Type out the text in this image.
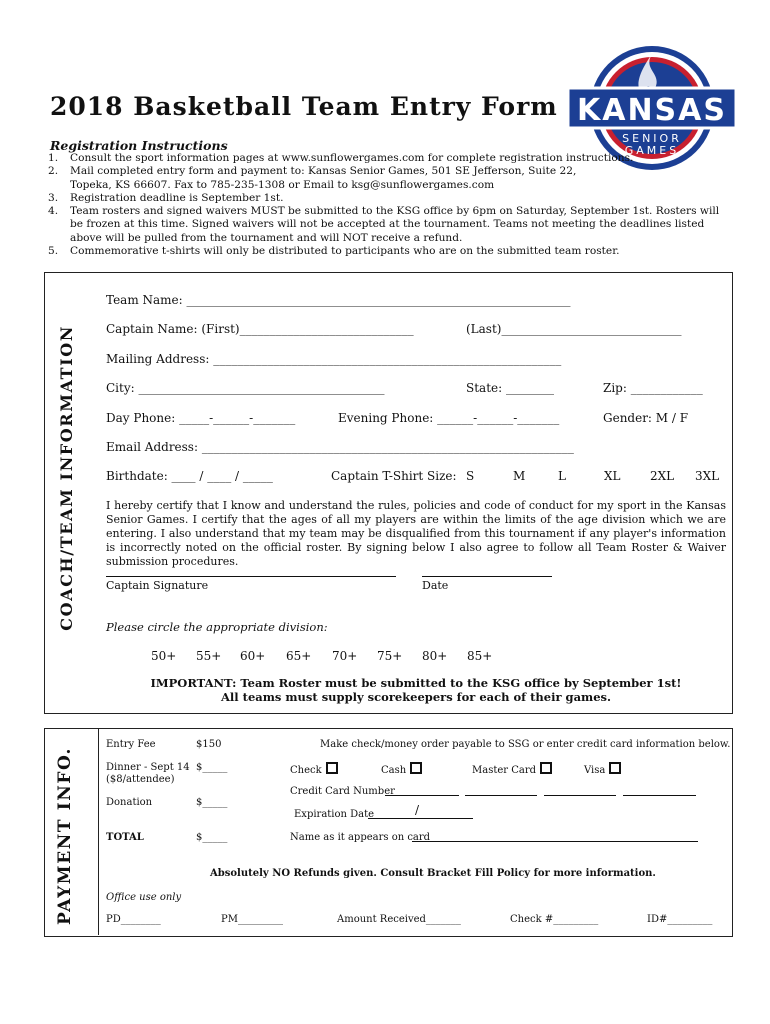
2018 Basketball Team Entry Form KANSAS
SENIOR
GAMES
Registration Instructions
1.	Consult the sport information pages at www.sunflowergames.com for complete registration instructions.
2.	Mail completed entry form and payment to: Kansas Senior Games, 501 SE Jefferson, Suite 22, Topeka, KS 66607. Fax to 785-235-1308 or Email to ksg@sunflowergames.com
3.	Registration deadline is September 1st.
4.	Team rosters and signed waivers MUST be submitted to the KSG office by 6pm on Saturday, September 1st. Rosters will be frozen at this time. Signed waivers will not be accepted at the tournament. Teams not meeting the deadlines listed above will be pulled from the tournament and will NOT receive a refund.
5.	Commemorative t-shirts will only be distributed to participants who are on the submitted team roster.
COACH/TEAM INFORMATION
Team Name: ________________________________________________________________
Captain Name: (First)_____________________________	(Last)______________________________
Mailing Address: __________________________________________________________
City: _________________________________________	State: ________	Zip: ____________
Day Phone: _____-______-_______	Evening Phone: ______-______-_______	Gender: M / F
Email Address: ______________________________________________________________
Birthdate: ____ / ____ / _____	Captain T-Shirt Size: S	M	L	XL 2XL 3XL
I hereby certify that I know and understand the rules, policies and code of conduct for my sport in the Kansas Senior Games. I certify that the ages of all my players are within the limits of the age division which we are entering. I also understand that my team may be disqualified from this tournament if any player's information is incorrectly noted on the official roster. By signing below I also agree to follow all Team Roster & Waiver submission procedures.
Captain Signature	Date
Please circle the appropriate division:
50+ 55+ 60+ 65+ 70+ 75+ 80+ 85+
IMPORTANT: Team Roster must be submitted to the KSG office by September 1st!
All teams must supply scorekeepers for each of their games.
PAYMENT INFO.
Entry Fee	$150	Make check/money order payable to SSG or enter credit card information below.
Dinner - Sept 14
($8/attendee)
$_____	Check	Cash	Master Card	Visa
Credit Card Number
Donation	$_____
Expiration Date	/
TOTAL	$_____	Name as it appears on card
Absolutely NO Refunds given. Consult Bracket Fill Policy for more information.
Office use only
PD________	PM_________	Amount Received_______	Check #_________	ID#_________
